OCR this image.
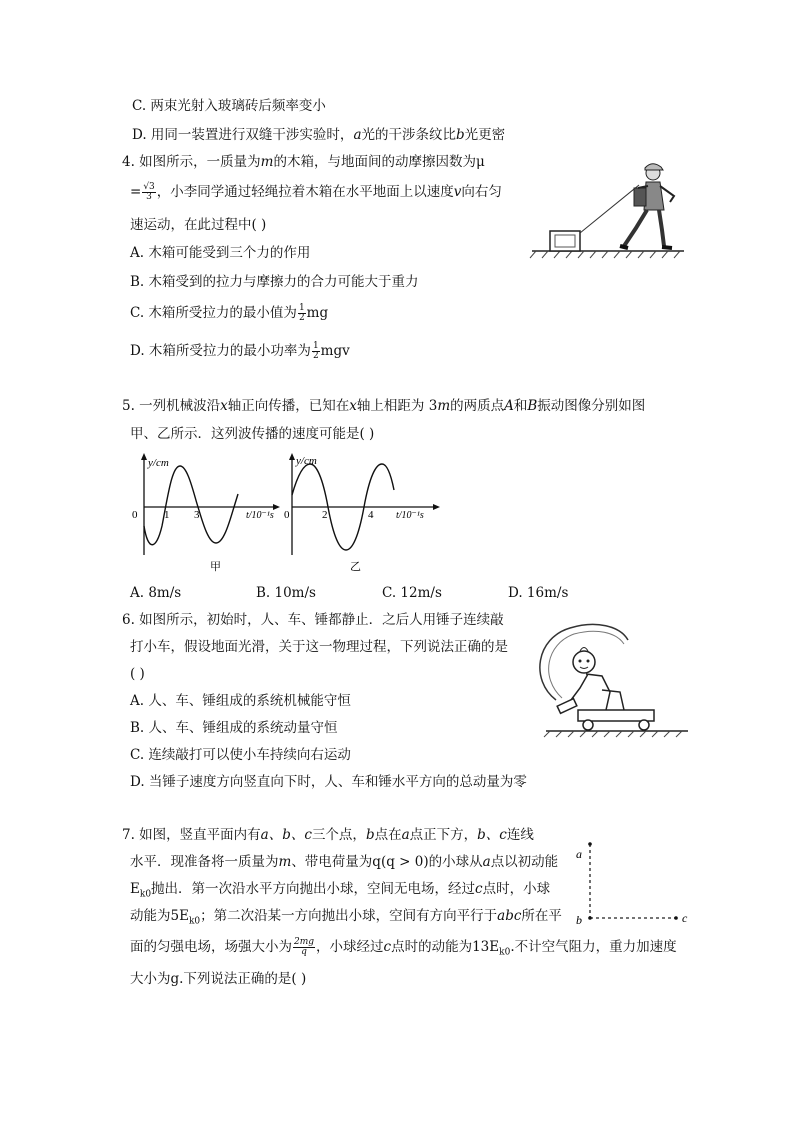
C. 两束光射入玻璃砖后频率变小
D. 用同一装置进行双缝干涉实验时，a光的干涉条纹比b光更密
4. 如图所示，一质量为m的木箱，与地面间的动摩擦因数为μ
= $\frac{√3}{3}$ ，小李同学通过轻绳拉着木箱在水平地面上以速度v向右匀
速运动，在此过程中( )
A. 木箱可能受到三个力的作用
B. 木箱受到的拉力与摩擦力的合力可能大于重力
C. 木箱所受拉力的最小值为 $\frac{1}{2}$ mg
D. 木箱所受拉力的最小功率为 $\frac{1}{2}$ mgv
5. 一列机械波沿x轴正向传播，已知在x轴上相距为 3m的两质点A和B振动图像分别如图
甲、乙所示．这列波传播的速度可能是( )
y/cm
0 1 3	t/10⁻¹s
甲
y/cm
0	2	4 t/10⁻¹s
乙
A. 8m/s	B. 10m/s	C. 12m/s	D. 16m/s
6. 如图所示，初始时，人、车、锤都静止．之后人用锤子连续敲
打小车，假设地面光滑，关于这一物理过程，下列说法正确的是
( )
A. 人、车、锤组成的系统机械能守恒
B. 人、车、锤组成的系统动量守恒
C. 连续敲打可以使小车持续向右运动
D. 当锤子速度方向竖直向下时，人、车和锤水平方向的总动量为零
7. 如图，竖直平面内有a、b、c三个点，b点在a点正下方，b、c连线
水平．现准备将一质量为m、带电荷量为q(q > 0)的小球从a点以初动能
$E_{k0}$抛出．第一次沿水平方向抛出小球，空间无电场，经过c点时，小球
动能为$5E_{k0}$；第二次沿某一方向抛出小球，空间有方向平行于abc所在平
面的匀强电场，场强大小为 $\frac{2mg}{q}$ ，小球经过c点时的动能为$13E_{k0}$.不计空气阻力，重力加速度
大小为g.下列说法正确的是( )
a
b	c
